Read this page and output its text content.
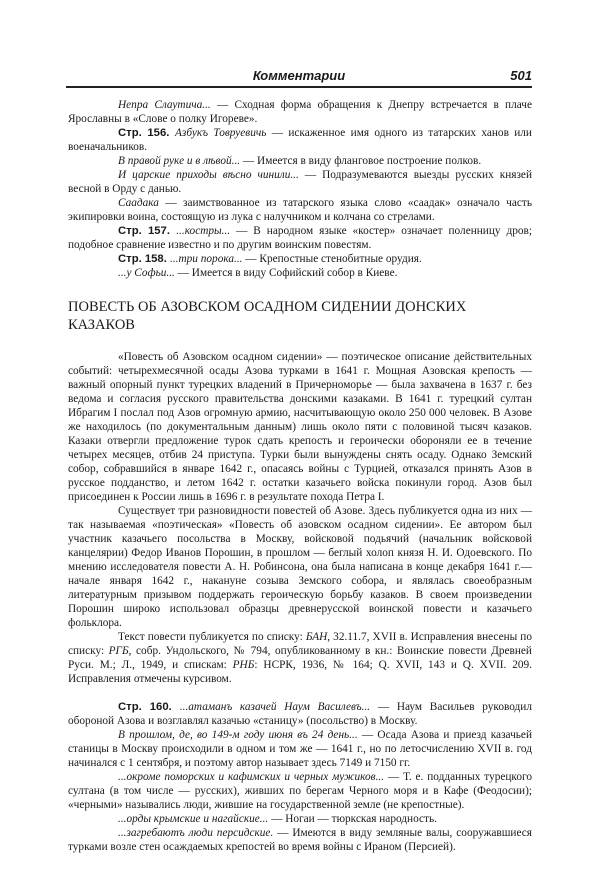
Комментарии	501

Непра Слаутича... — Сходная форма обращения к Днепру встречается в плаче Ярославны в «Слове о полку Игореве».

Стр. 156. Азбукъ Товруевичь — искаженное имя одного из татарских ханов или военачальников.

В правой руке и в лѣвой... — Имеется в виду фланговое построение полков.

И царские приходы вѣсно чинили... — Подразумеваются выезды русских князей весной в Орду с данью.

Саадака — заимствованное из татарского языка слово «саадак» означало часть экипировки воина, состоящую из лука с налучником и колчана со стрелами.

Стр. 157. ...костры... — В народном языке «костер» означает поленницу дров; подобное сравнение известно и по другим воинским повестям.

Стр. 158. ...три порока... — Крепостные стенобитные орудия.

...у Софьи... — Имеется в виду Софийский собор в Киеве.

ПОВЕСТЬ ОБ АЗОВСКОМ ОСАДНОМ СИДЕНИИ ДОНСКИХ КАЗАКОВ

«Повесть об Азовском осадном сидении» — поэтическое описание действительных событий: четырехмесячной осады Азова турками в 1641 г. Мощная Азовская крепость — важный опорный пункт турецких владений в Причерноморье — была захвачена в 1637 г. без ведома и согласия русского правительства донскими казаками. В 1641 г. турецкий султан Ибрагим I послал под Азов огромную армию, насчитывающую около 250 000 человек. В Азове же находилось (по документальным данным) лишь около пяти с половиной тысяч казаков. Казаки отвергли предложение турок сдать крепость и героически обороняли ее в течение четырех месяцев, отбив 24 приступа. Турки были вынуждены снять осаду. Однако Земский собор, собравшийся в январе 1642 г., опасаясь войны с Турцией, отказался принять Азов в русское подданство, и летом 1642 г. остатки казачьего войска покинули город. Азов был присоединен к России лишь в 1696 г. в результате похода Петра I.

Существует три разновидности повестей об Азове. Здесь публикуется одна из них — так называемая «поэтическая» «Повесть об азовском осадном сидении». Ее автором был участник казачьего посольства в Москву, войсковой подьячий (начальник войсковой канцелярии) Федор Иванов Порошин, в прошлом — беглый холоп князя Н. И. Одоевского. По мнению исследователя повести А. Н. Робинсона, она была написана в конце декабря 1641 г.—начале января 1642 г., накануне созыва Земского собора, и являлась своеобразным литературным призывом поддержать героическую борьбу казаков. В своем произведении Порошин широко использовал образцы древнерусской воинской повести и казачьего фольклора.

Текст повести публикуется по списку: БАН, 32.11.7, XVII в. Исправления внесены по списку: РГБ, собр. Ундольского, № 794, опубликованному в кн.: Воинские повести Древней Руси. М.; Л., 1949, и спискам: РНБ: НСРК, 1936, № 164; Q. XVII, 143 и Q. XVII. 209. Исправления отмечены курсивом.

Стр. 160. ...атаманъ казачей Наум Василевъ... — Наум Васильев руководил обороной Азова и возглавлял казачью «станицу» (посольство) в Москву.

В прошлом, де, во 149-м году июня въ 24 день... — Осада Азова и приезд казачьей станицы в Москву происходили в одном и том же — 1641 г., но по летосчислению XVII в. год начинался с 1 сентября, и поэтому автор называет здесь 7149 и 7150 гг.

...окроме поморских и кафимских и черных мужиков... — Т. е. подданных турецкого султана (в том числе — русских), живших по берегам Черного моря и в Кафе (Феодосии); «черными» назывались люди, жившие на государственной земле (не крепостные).

...орды крымские и нагайские... — Ногаи — тюркская народность.

...загребаютъ люди персидские. — Имеются в виду земляные валы, сооружавшиеся турками возле стен осаждаемых крепостей во время войны с Ираном (Персией).
